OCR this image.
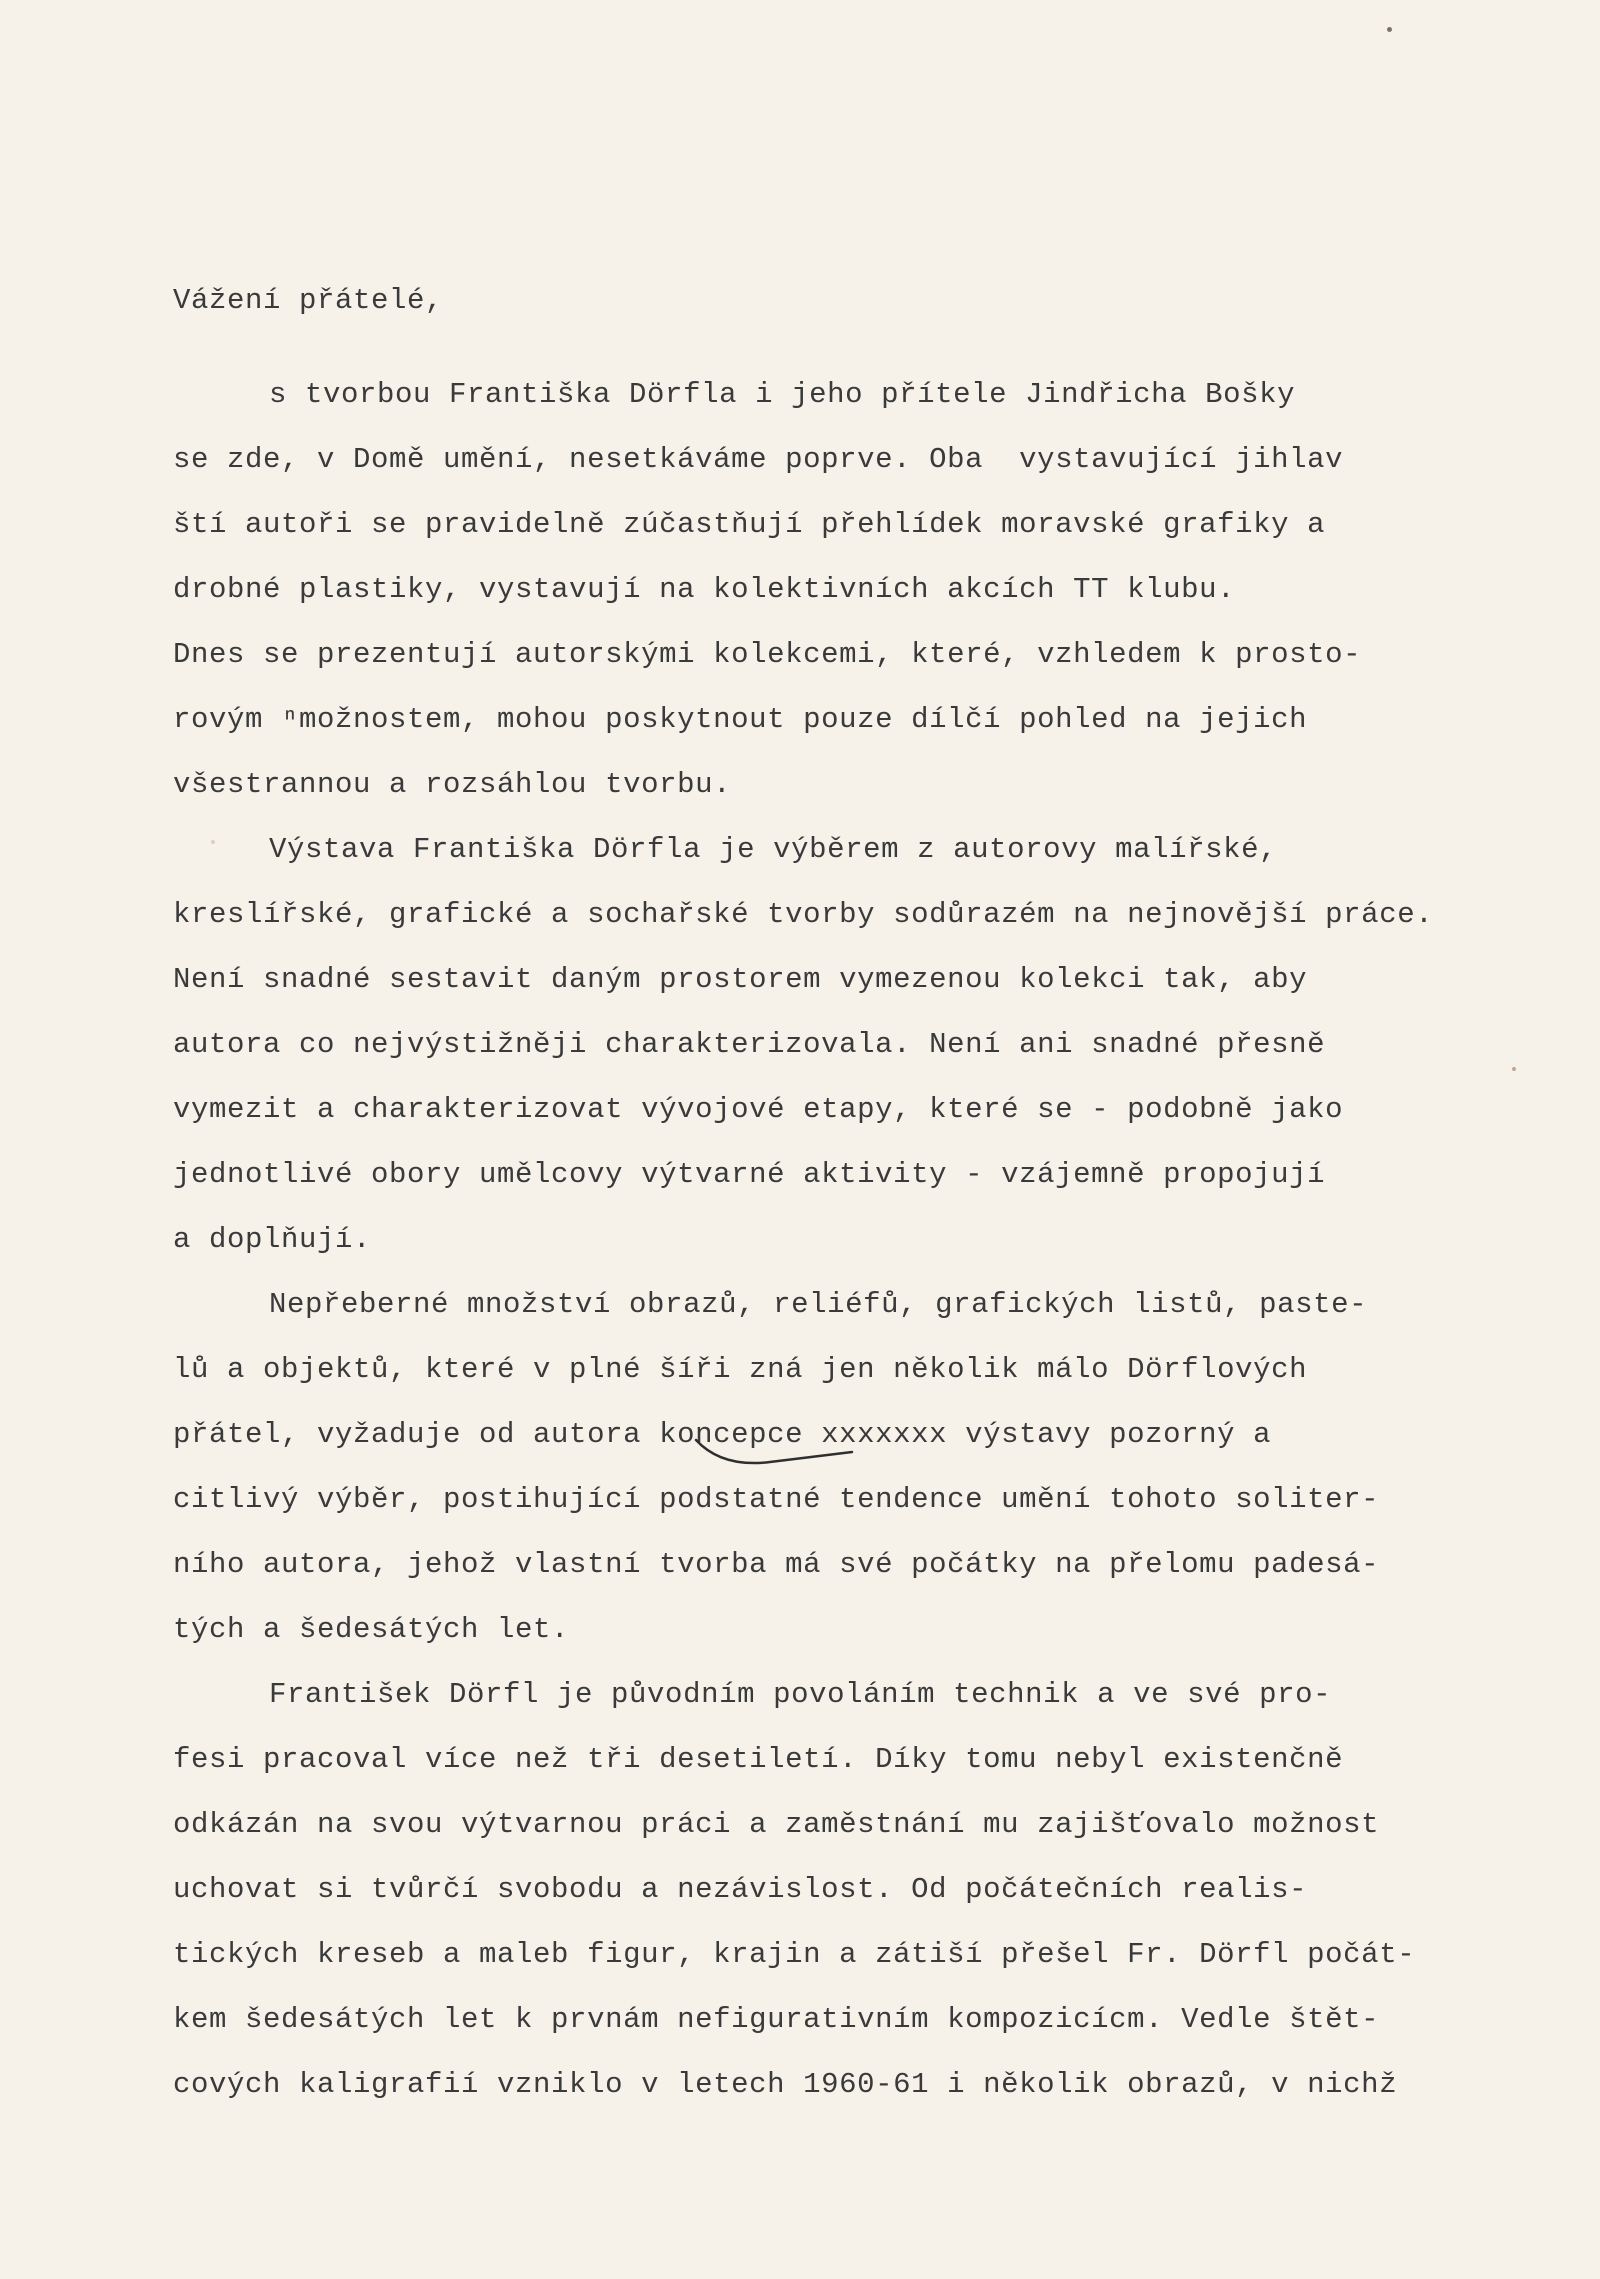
Vážení přátelé,
s tvorbou Františka Dörfla i jeho přítele Jindřicha Bošky
se zde, v Domě umění, nesetkáváme poprve. Oba  vystavující jihlav
ští autoři se pravidelně zúčastňují přehlídek moravské grafiky a
drobné plastiky, vystavují na kolektivních akcích TT klubu.
Dnes se prezentují autorskými kolekcemi, které, vzhledem k prosto-
rovým ⁿmožnostem, mohou poskytnout pouze dílčí pohled na jejich
všestrannou a rozsáhlou tvorbu.
Výstava Františka Dörfla je výběrem z autorovy malířské,
kreslířské, grafické a sochařské tvorby sodůrazém na nejnovější práce.
Není snadné sestavit daným prostorem vymezenou kolekci tak, aby
autora co nejvýstižněji charakterizovala. Není ani snadné přesně
vymezit a charakterizovat vývojové etapy, které se - podobně jako
jednotlivé obory umělcovy výtvarné aktivity - vzájemně propojují
a doplňují.
Nepřeberné množství obrazů, reliéfů, grafických listů, paste-
lů a objektů, které v plné šíři zná jen několik málo Dörflových
přátel, vyžaduje od autora koncepce xxxxxxx výstavy pozorný a
citlivý výběr, postihující podstatné tendence umění tohoto soliter-
ního autora, jehož vlastní tvorba má své počátky na přelomu padesá-
tých a šedesátých let.
František Dörfl je původním povoláním technik a ve své pro-
fesi pracoval více než tři desetiletí. Díky tomu nebyl existenčně
odkázán na svou výtvarnou práci a zaměstnání mu zajišťovalo možnost
uchovat si tvůrčí svobodu a nezávislost. Od počátečních realis-
tických kreseb a maleb figur, krajin a zátiší přešel Fr. Dörfl počát-
kem šedesátých let k prvnám nefigurativním kompozicícm. Vedle štět-
cových kaligrafií vzniklo v letech 1960-61 i několik obrazů, v nichž
